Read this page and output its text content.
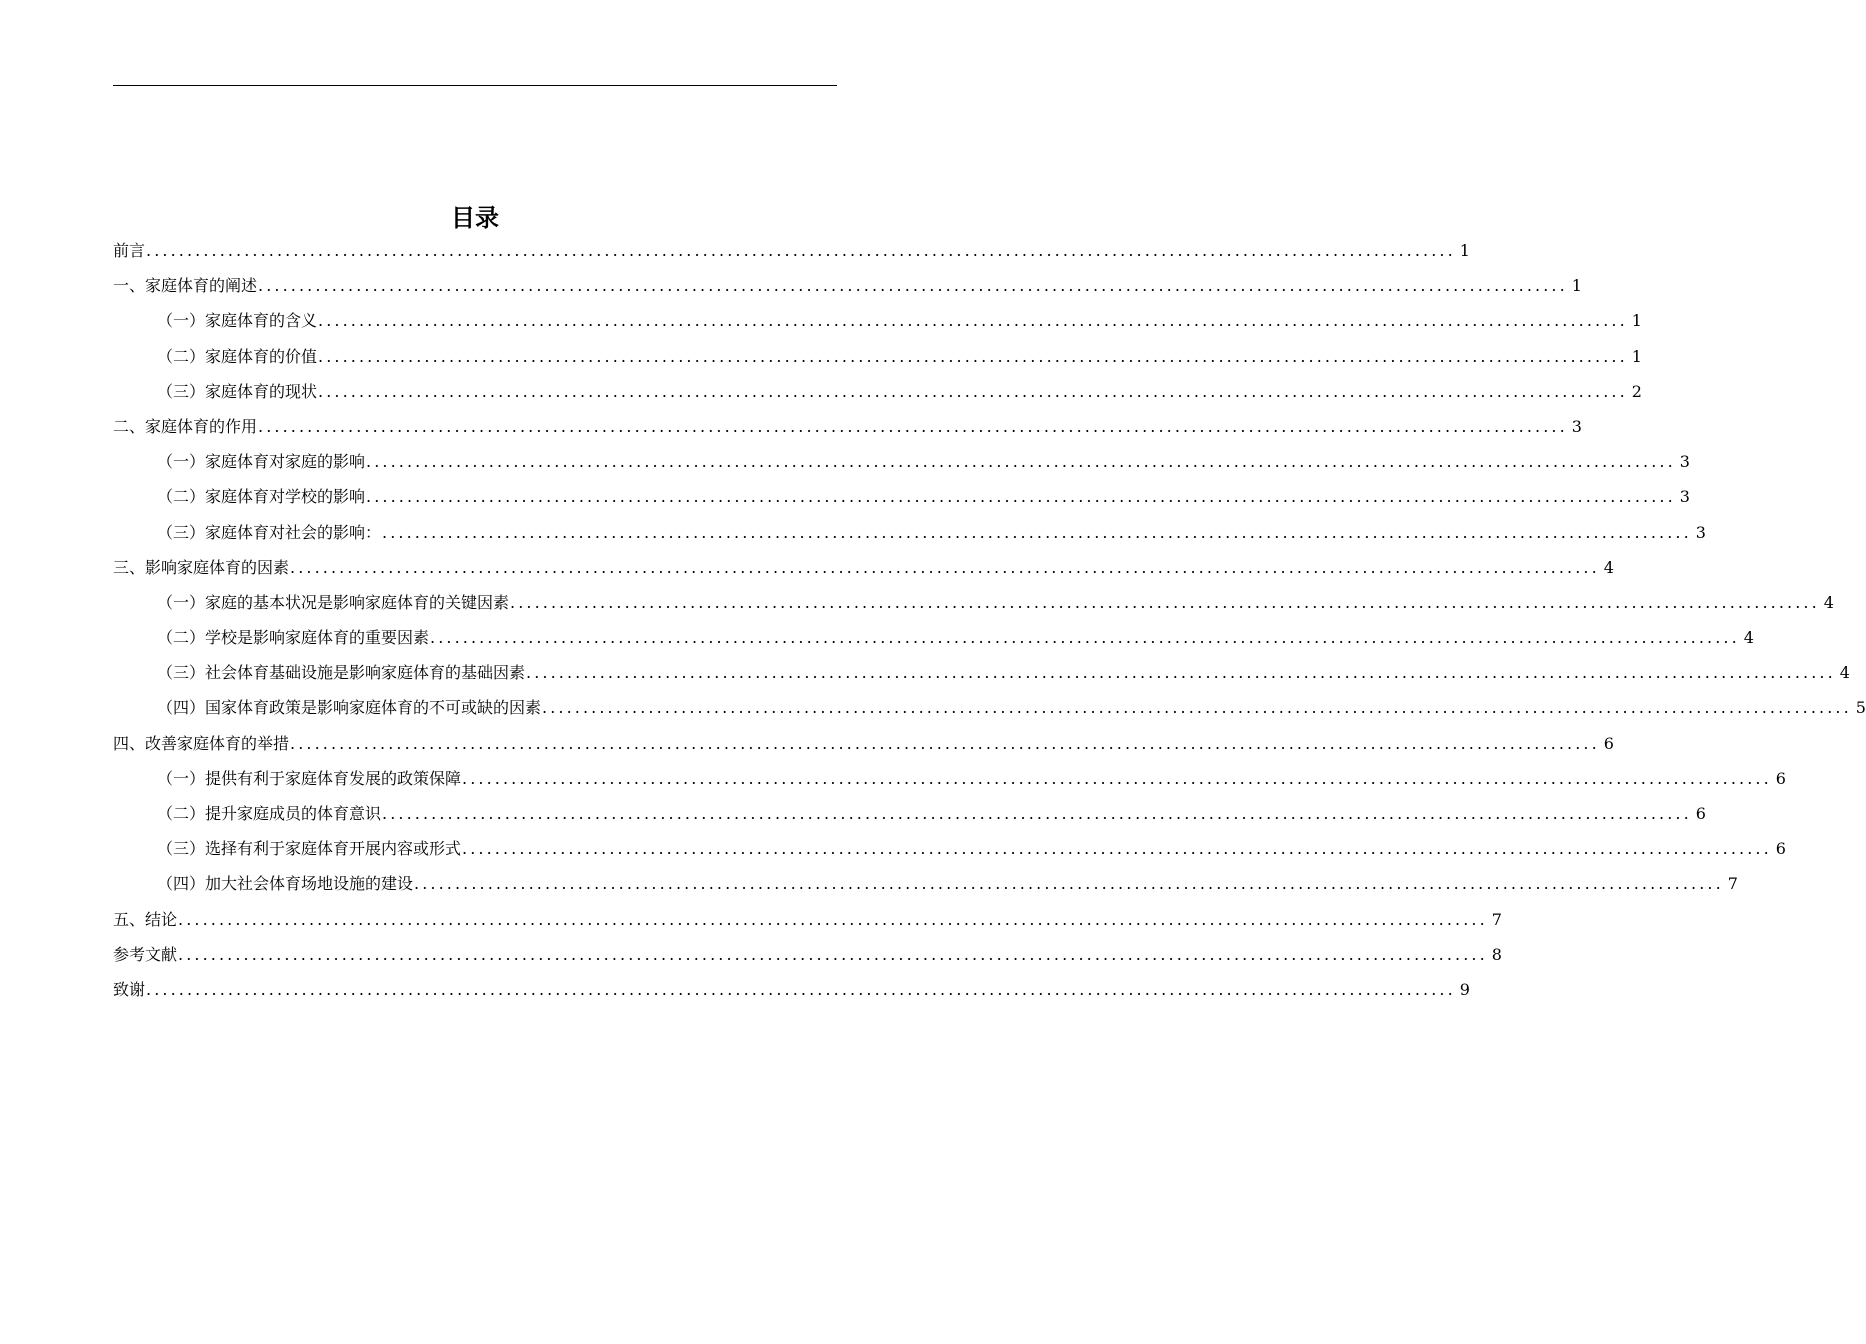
目录
前言 ................................................................................................................................................................ 1
一、家庭体育的阐述 ................................................................................................................................................................ 1
（一）家庭体育的含义 ................................................................................................................................................................ 1
（二）家庭体育的价值 ................................................................................................................................................................ 1
（三）家庭体育的现状 ................................................................................................................................................................ 2
二、家庭体育的作用 ................................................................................................................................................................ 3
（一）家庭体育对家庭的影响 ................................................................................................................................................................ 3
（二）家庭体育对学校的影响 ................................................................................................................................................................ 3
（三）家庭体育对社会的影响： ................................................................................................................................................................ 3
三、影响家庭体育的因素 ................................................................................................................................................................ 4
（一）家庭的基本状况是影响家庭体育的关键因素 ................................................................................................................................................................ 4
（二）学校是影响家庭体育的重要因素 ................................................................................................................................................................ 4
（三）社会体育基础设施是影响家庭体育的基础因素 ................................................................................................................................................................ 4
（四）国家体育政策是影响家庭体育的不可或缺的因素 ................................................................................................................................................................ 5
四、改善家庭体育的举措 ................................................................................................................................................................ 6
（一）提供有利于家庭体育发展的政策保障 ................................................................................................................................................................ 6
（二）提升家庭成员的体育意识 ................................................................................................................................................................ 6
（三）选择有利于家庭体育开展内容或形式 ................................................................................................................................................................ 6
（四）加大社会体育场地设施的建设 ................................................................................................................................................................ 7
五、结论 ................................................................................................................................................................ 7
参考文献 ................................................................................................................................................................ 8
致谢 ................................................................................................................................................................ 9
